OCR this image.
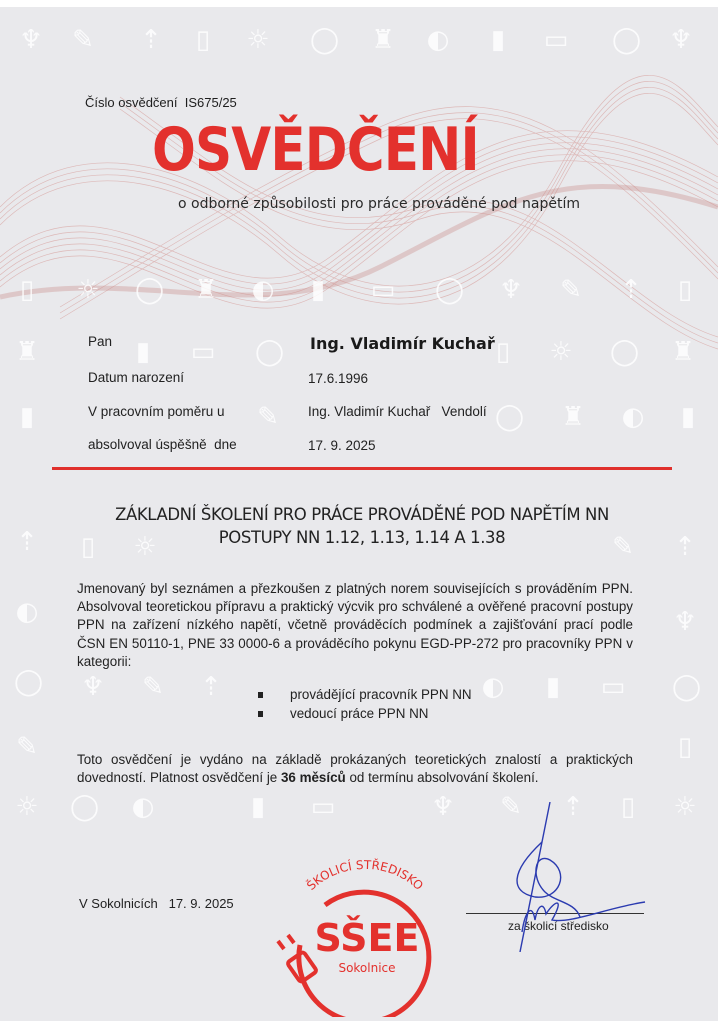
♆ ✎ ⇡ ▯ ☼ ◯ ♜ ◐ ▮ ▭ ◯ ♆
▯ ☼ ◯ ♜ ◐ ▮ ▭ ◯ ♆ ✎ ⇡ ▯
♜	▮ ▭ ◯	▯ ☼ ◯ ♜
▮	✎	◯ ♜ ◐ ▮
⇡ ▯ ☼	✎ ⇡
◐	♆
◯ ♆ ✎ ⇡	◐ ▮ ▭ ◯
✎	▯
☼ ◯ ◐	▮ ▭	♆ ✎ ⇡ ▯ ☼
Číslo osvědčení IS675/25
OSVĚDČENÍ
o odborné způsobilosti pro práce prováděné pod napětím
Pan	Ing. Vladimír Kuchař
Datum narození	17.6.1996
V pracovním poměru u	Ing. Vladimír Kuchař   Vendolí
absolvoval úspěšně  dne	17. 9. 2025
ZÁKLADNÍ ŠKOLENÍ PRO PRÁCE PROVÁDĚNÉ POD NAPĚTÍM NN
POSTUPY NN 1.12, 1.13, 1.14 A 1.38
Jmenovaný byl seznámen a přezkoušen z platných norem souvisejících s prováděním PPN. Absolvoval teoretickou přípravu a praktický výcvik pro schválené a ověřené pracovní postupy PPN na zařízení nízkého napětí, včetně prováděcích podmínek a zajišťování prací podle ČSN EN 50110-1, PNE 33 0000-6 a prováděcího pokynu EGD-PP-272 pro pracovníky PPN v kategorii:
provádějící pracovník PPN NN
vedoucí práce PPN NN
Toto osvědčení je vydáno na základě prokázaných teoretických znalostí a praktických dovedností. Platnost osvědčení je 36 měsíců od termínu absolvování školení.
V Sokolnicích   17. 9. 2025
ŠKOLICÍ STŘEDISKO
SŠEE
Sokolnice
za školicí středisko
